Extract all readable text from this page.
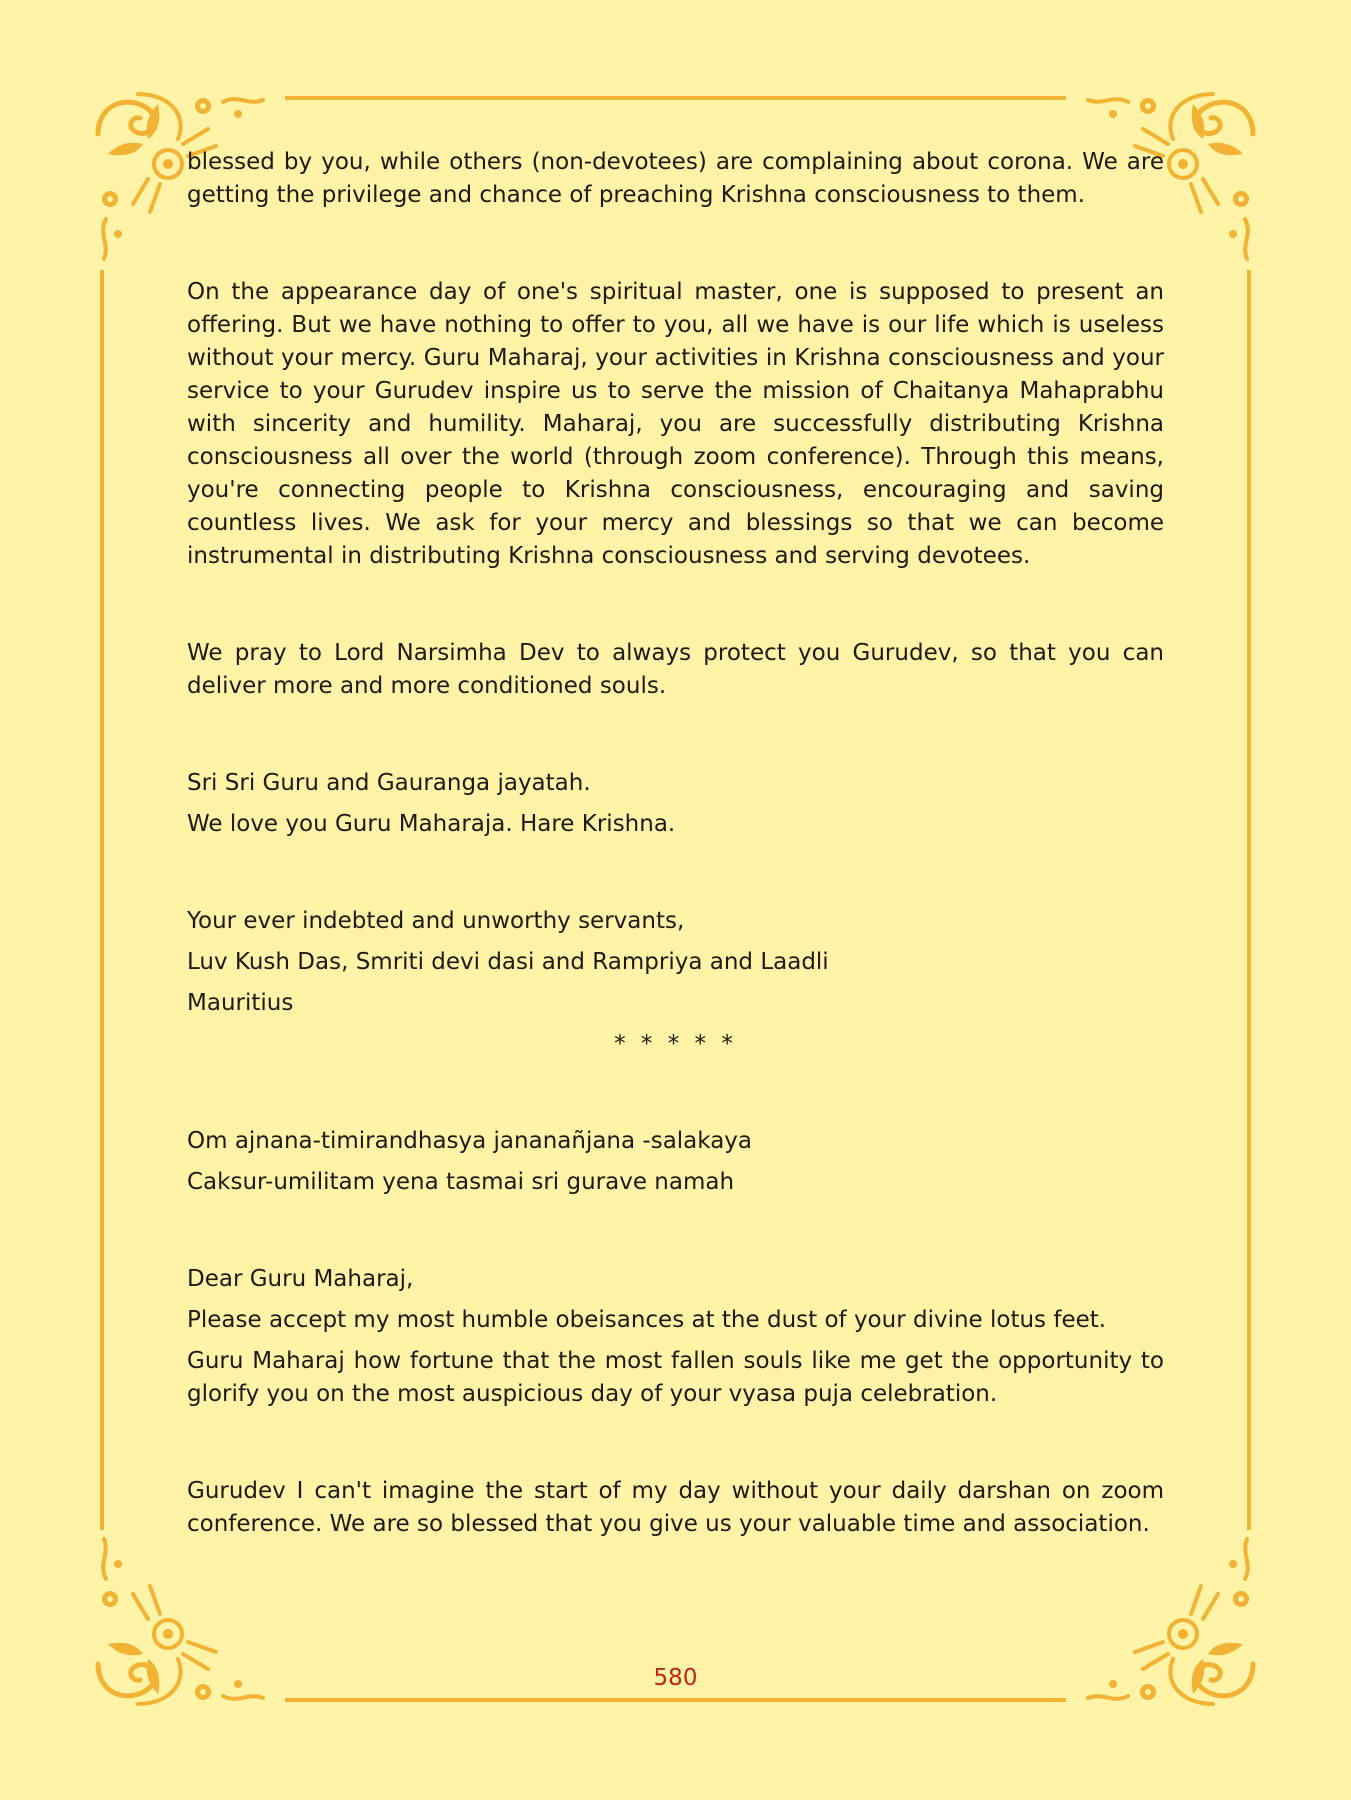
blessed by you, while others (non-devotees) are complaining about corona. We are getting the privilege and chance of preaching Krishna consciousness to them.

On the appearance day of one's spiritual master, one is supposed to present an offering. But we have nothing to offer to you, all we have is our life which is useless without your mercy. Guru Maharaj, your activities in Krishna consciousness and your service to your Gurudev inspire us to serve the mission of Chaitanya Mahaprabhu with sincerity and humility. Maharaj, you are successfully distributing Krishna consciousness all over the world (through zoom conference). Through this means, you're connecting people to Krishna consciousness, encouraging and saving countless lives. We ask for your mercy and blessings so that we can become instrumental in distributing Krishna consciousness and serving devotees.

We pray to Lord Narsimha Dev to always protect you Gurudev, so that you can deliver more and more conditioned souls.

Sri Sri Guru and Gauranga jayatah.

We love you Guru Maharaja. Hare Krishna.

Your ever indebted and unworthy servants,

Luv Kush Das, Smriti devi dasi and Rampriya and Laadli

Mauritius

* * * * *

Om ajnana-timirandhasya jananañjana -salakaya

Caksur-umilitam yena tasmai sri gurave namah

Dear Guru Maharaj,

Please accept my most humble obeisances at the dust of your divine lotus feet.

Guru Maharaj how fortune that the most fallen souls like me get the opportunity to glorify you on the most auspicious day of your vyasa puja celebration.

Gurudev I can't imagine the start of my day without your daily darshan on zoom conference. We are so blessed that you give us your valuable time and association.

580
